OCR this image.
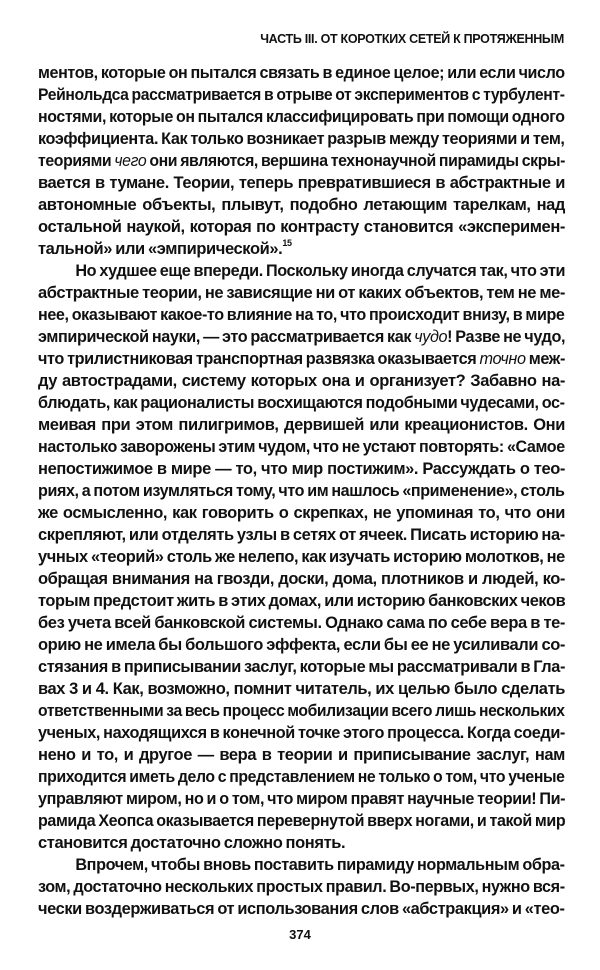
ЧАСТЬ III. ОТ КОРОТКИХ СЕТЕЙ К ПРОТЯЖЕННЫМ
ментов, которые он пытался связать в единое целое; или если число
Рейнольдса рассматривается в отрыве от экспериментов с турбулент-
ностями, которые он пытался классифицировать при помощи одного
коэффициента. Как только возникает разрыв между теориями и тем,
теориями чего они являются, вершина технонаучной пирамиды скры-
вается в тумане. Теории, теперь превратившиеся в абстрактные и
автономные объекты, плывут, подобно летающим тарелкам, над
остальной наукой, которая по контрасту становится «эксперимен-
тальной» или «эмпирической».$^{15}$
Но худшее еще впереди. Поскольку иногда случатся так, что эти
абстрактные теории, не зависящие ни от каких объектов, тем не ме-
нее, оказывают какое-то влияние на то, что происходит внизу, в мире
эмпирической науки, — это рассматривается как чудо! Разве не чудо,
что трилистниковая транспортная развязка оказывается точно меж-
ду автострадами, систему которых она и организует? Забавно на-
блюдать, как рационалисты восхищаются подобными чудесами, ос-
меивая при этом пилигримов, дервишей или креационистов. Они
настолько заворожены этим чудом, что не устают повторять: «Самое
непостижимое в мире — то, что мир постижим». Рассуждать о тео-
риях, а потом изумляться тому, что им нашлось «применение», столь
же осмысленно, как говорить о скрепках, не упоминая то, что они
скрепляют, или отделять узлы в сетях от ячеек. Писать историю на-
учных «теорий» столь же нелепо, как изучать историю молотков, не
обращая внимания на гвозди, доски, дома, плотников и людей, ко-
торым предстоит жить в этих домах, или историю банковских чеков
без учета всей банковской системы. Однако сама по себе вера в те-
орию не имела бы большого эффекта, если бы ее не усиливали со-
стязания в приписывании заслуг, которые мы рассматривали в Гла-
вах 3 и 4. Как, возможно, помнит читатель, их целью было сделать
ответственными за весь процесс мобилизации всего лишь нескольких
ученых, находящихся в конечной точке этого процесса. Когда соеди-
нено и то, и другое — вера в теории и приписывание заслуг, нам
приходится иметь дело с представлением не только о том, что ученые
управляют миром, но и о том, что миром правят научные теории! Пи-
рамида Хеопса оказывается перевернутой вверх ногами, и такой мир
становится достаточно сложно понять.
Впрочем, чтобы вновь поставить пирамиду нормальным обра-
зом, достаточно нескольких простых правил. Во-первых, нужно вся-
чески воздерживаться от использования слов «абстракция» и «тео-
374
